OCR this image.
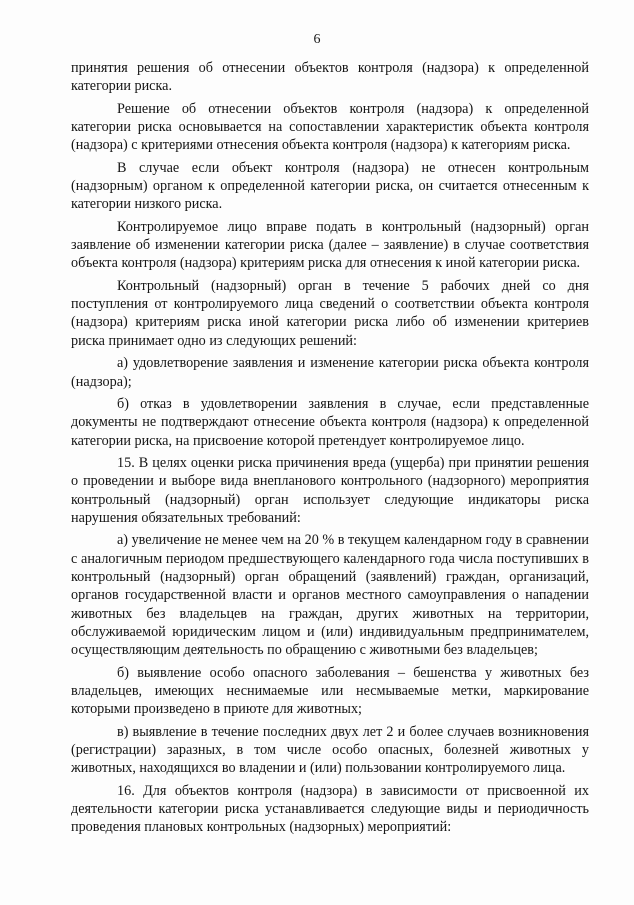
6

принятия решения об отнесении объектов контроля (надзора) к определенной категории риска.

Решение об отнесении объектов контроля (надзора) к определенной категории риска основывается на сопоставлении характеристик объекта контроля (надзора) с критериями отнесения объекта контроля (надзора) к категориям риска.

В случае если объект контроля (надзора) не отнесен контрольным (надзорным) органом к определенной категории риска, он считается отнесенным к категории низкого риска.

Контролируемое лицо вправе подать в контрольный (надзорный) орган заявление об изменении категории риска (далее – заявление) в случае соответствия объекта контроля (надзора) критериям риска для отнесения к иной категории риска.

Контрольный (надзорный) орган в течение 5 рабочих дней со дня поступления от контролируемого лица сведений о соответствии объекта контроля (надзора) критериям риска иной категории риска либо об изменении критериев риска принимает одно из следующих решений:

а) удовлетворение заявления и изменение категории риска объекта контроля (надзора);

б) отказ в удовлетворении заявления в случае, если представленные документы не подтверждают отнесение объекта контроля (надзора) к определенной категории риска, на присвоение которой претендует контролируемое лицо.

15. В целях оценки риска причинения вреда (ущерба) при принятии решения о проведении и выборе вида внепланового контрольного (надзорного) мероприятия контрольный (надзорный) орган использует следующие индикаторы риска нарушения обязательных требований:

а) увеличение не менее чем на 20 % в текущем календарном году в сравнении с аналогичным периодом предшествующего календарного года числа поступивших в контрольный (надзорный) орган обращений (заявлений) граждан, организаций, органов государственной власти и органов местного самоуправления о нападении животных без владельцев на граждан, других животных на территории, обслуживаемой юридическим лицом и (или) индивидуальным предпринимателем, осуществляющим деятельность по обращению с животными без владельцев;

б) выявление особо опасного заболевания – бешенства у животных без владельцев, имеющих неснимаемые или несмываемые метки, маркирование которыми произведено в приюте для животных;

в) выявление в течение последних двух лет 2 и более случаев возникновения (регистрации) заразных, в том числе особо опасных, болезней животных у животных, находящихся во владении и (или) пользовании контролируемого лица.

16. Для объектов контроля (надзора) в зависимости от присвоенной их деятельности категории риска устанавливается следующие виды и периодичность проведения плановых контрольных (надзорных) мероприятий:
